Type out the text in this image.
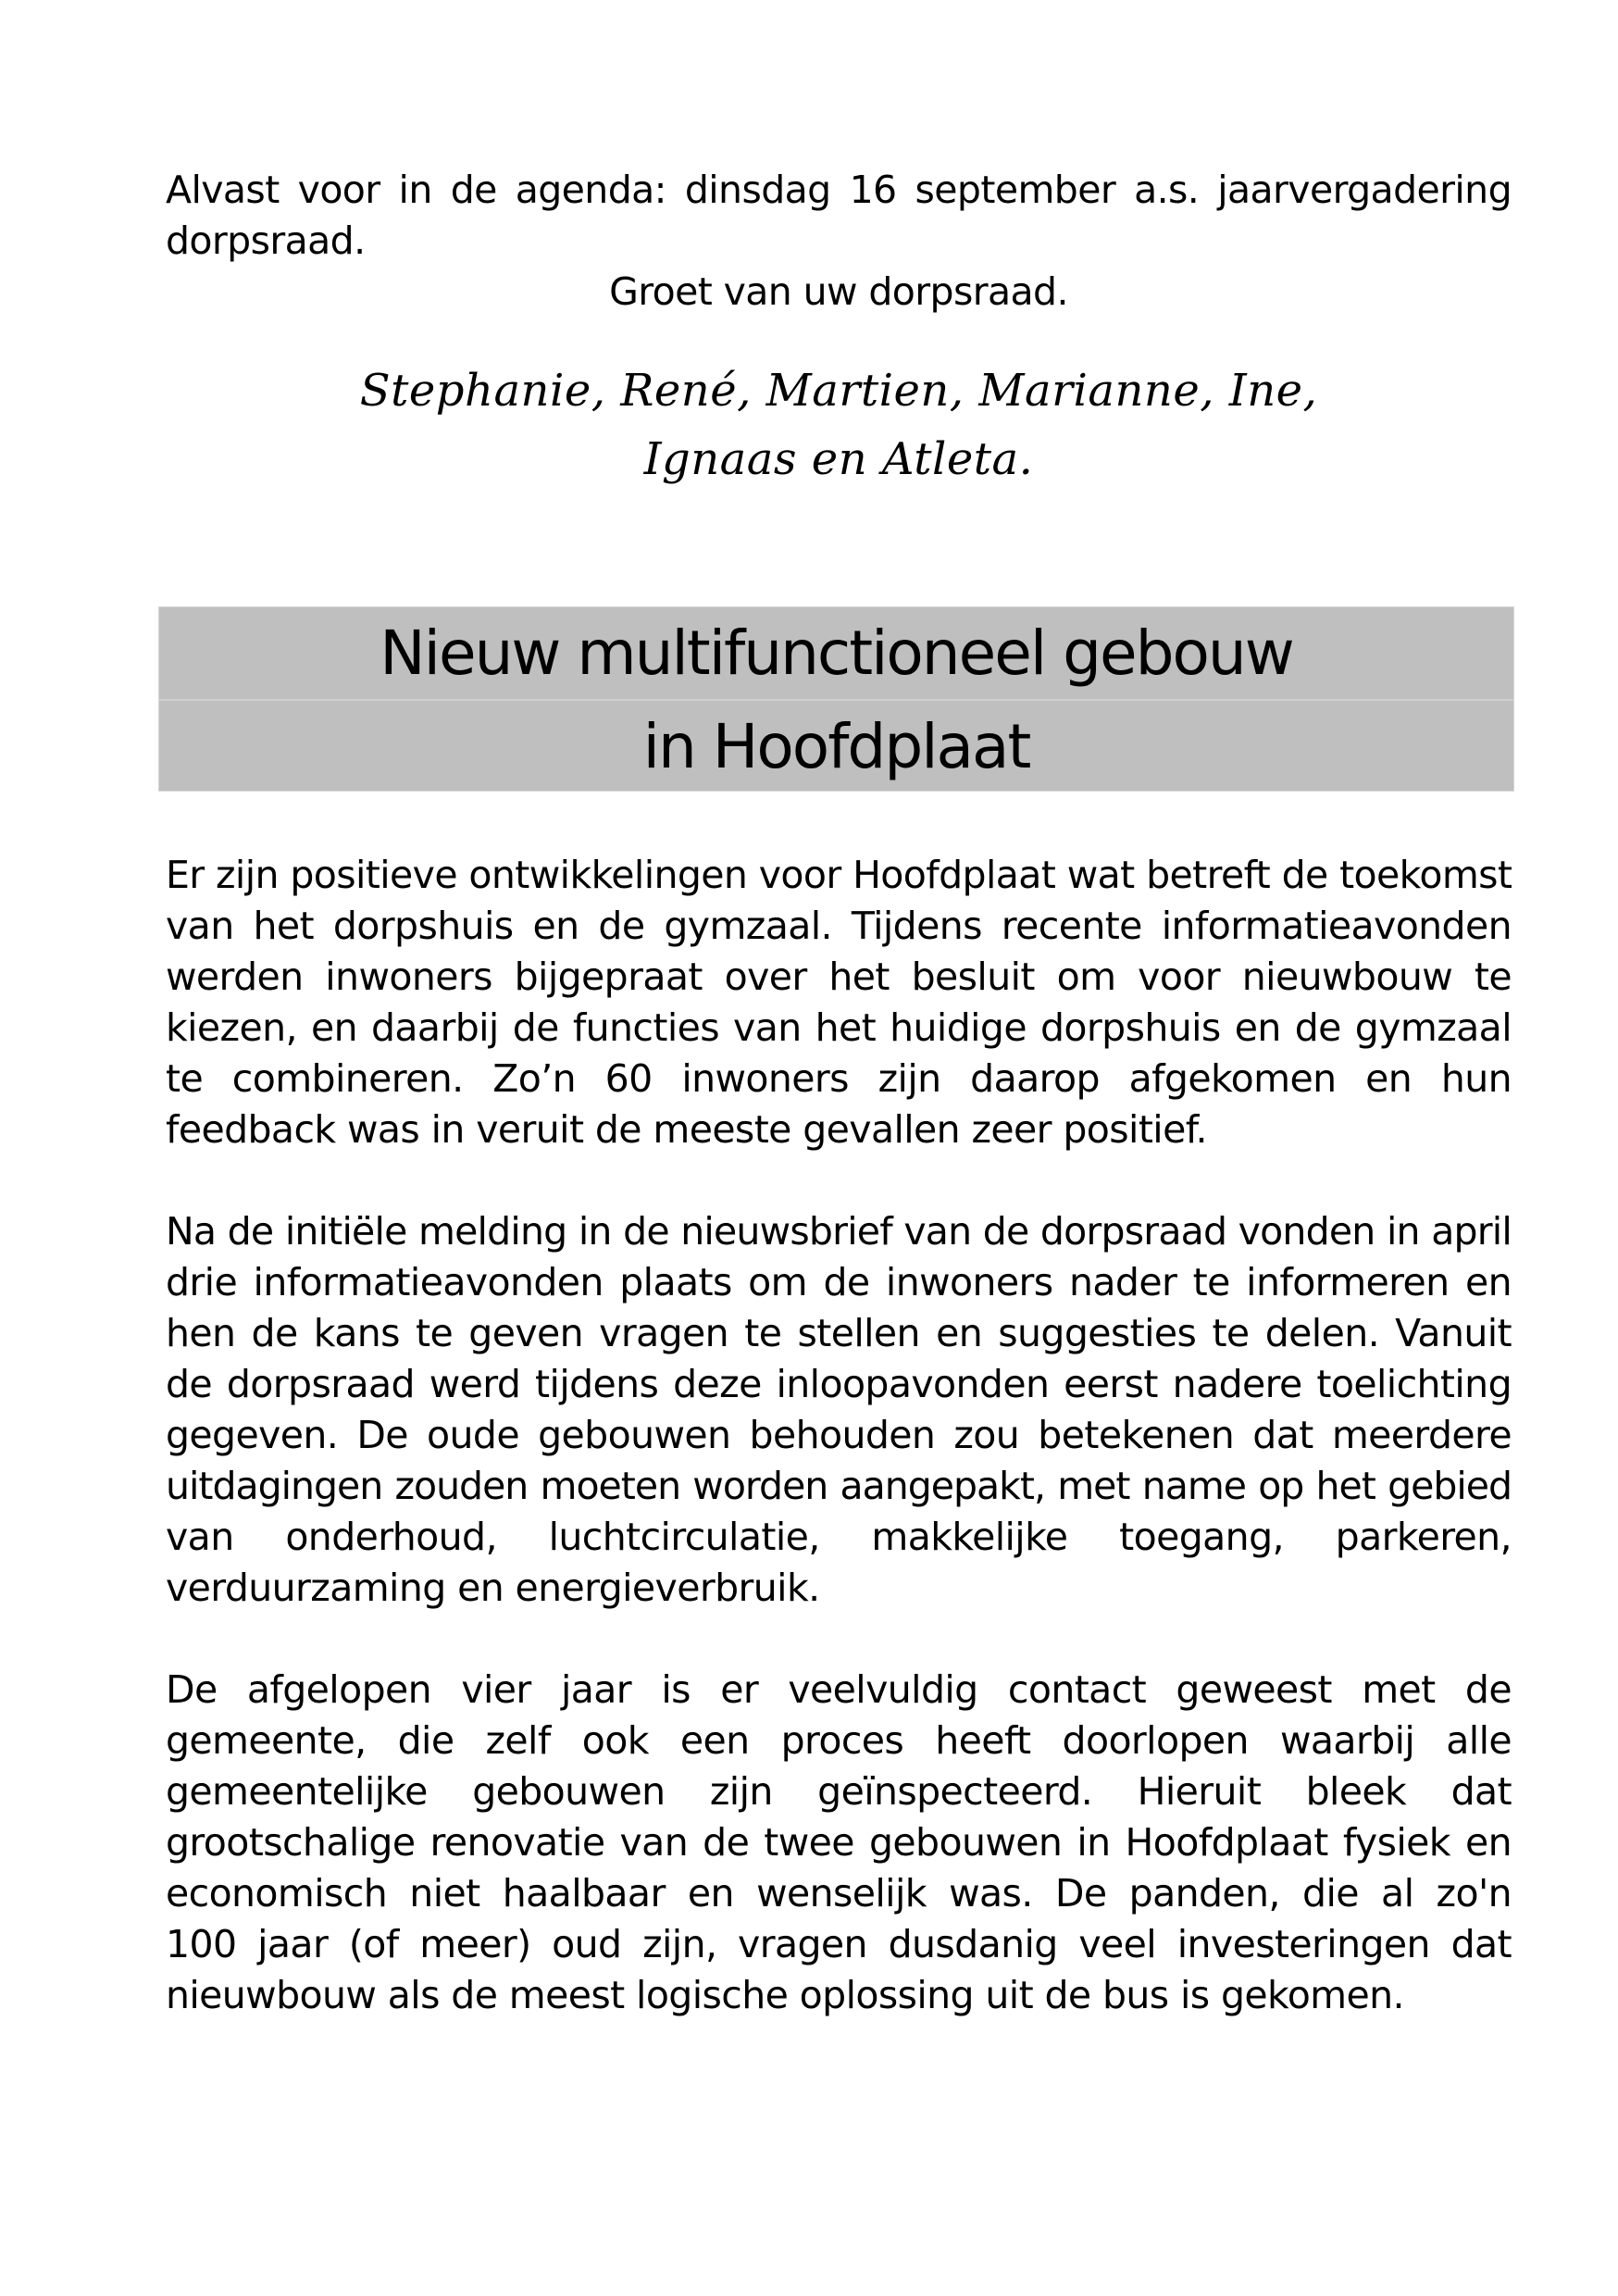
Alvast voor in de agenda: dinsdag 16 september a.s. jaarvergadering
dorpsraad.
Groet van uw dorpsraad.
Stephanie, René, Martien, Marianne, Ine,
Ignaas en Atleta.
Nieuw multifunctioneel gebouw
in Hoofdplaat
Er zijn positieve ontwikkelingen voor Hoofdplaat wat betreft de toekomst
van het dorpshuis en de gymzaal. Tijdens recente informatieavonden
werden inwoners bijgepraat over het besluit om voor nieuwbouw te
kiezen, en daarbij de functies van het huidige dorpshuis en de gymzaal
te combineren. Zo’n 60 inwoners zijn daarop afgekomen en hun
feedback was in veruit de meeste gevallen zeer positief.
Na de initiële melding in de nieuwsbrief van de dorpsraad vonden in april
drie informatieavonden plaats om de inwoners nader te informeren en
hen de kans te geven vragen te stellen en suggesties te delen. Vanuit
de dorpsraad werd tijdens deze inloopavonden eerst nadere toelichting
gegeven. De oude gebouwen behouden zou betekenen dat meerdere
uitdagingen zouden moeten worden aangepakt, met name op het gebied
van onderhoud, luchtcirculatie, makkelijke toegang, parkeren,
verduurzaming en energieverbruik.
De afgelopen vier jaar is er veelvuldig contact geweest met de
gemeente, die zelf ook een proces heeft doorlopen waarbij alle
gemeentelijke gebouwen zijn geïnspecteerd. Hieruit bleek dat
grootschalige renovatie van de twee gebouwen in Hoofdplaat fysiek en
economisch niet haalbaar en wenselijk was. De panden, die al zo'n
100 jaar (of meer) oud zijn, vragen dusdanig veel investeringen dat
nieuwbouw als de meest logische oplossing uit de bus is gekomen.
